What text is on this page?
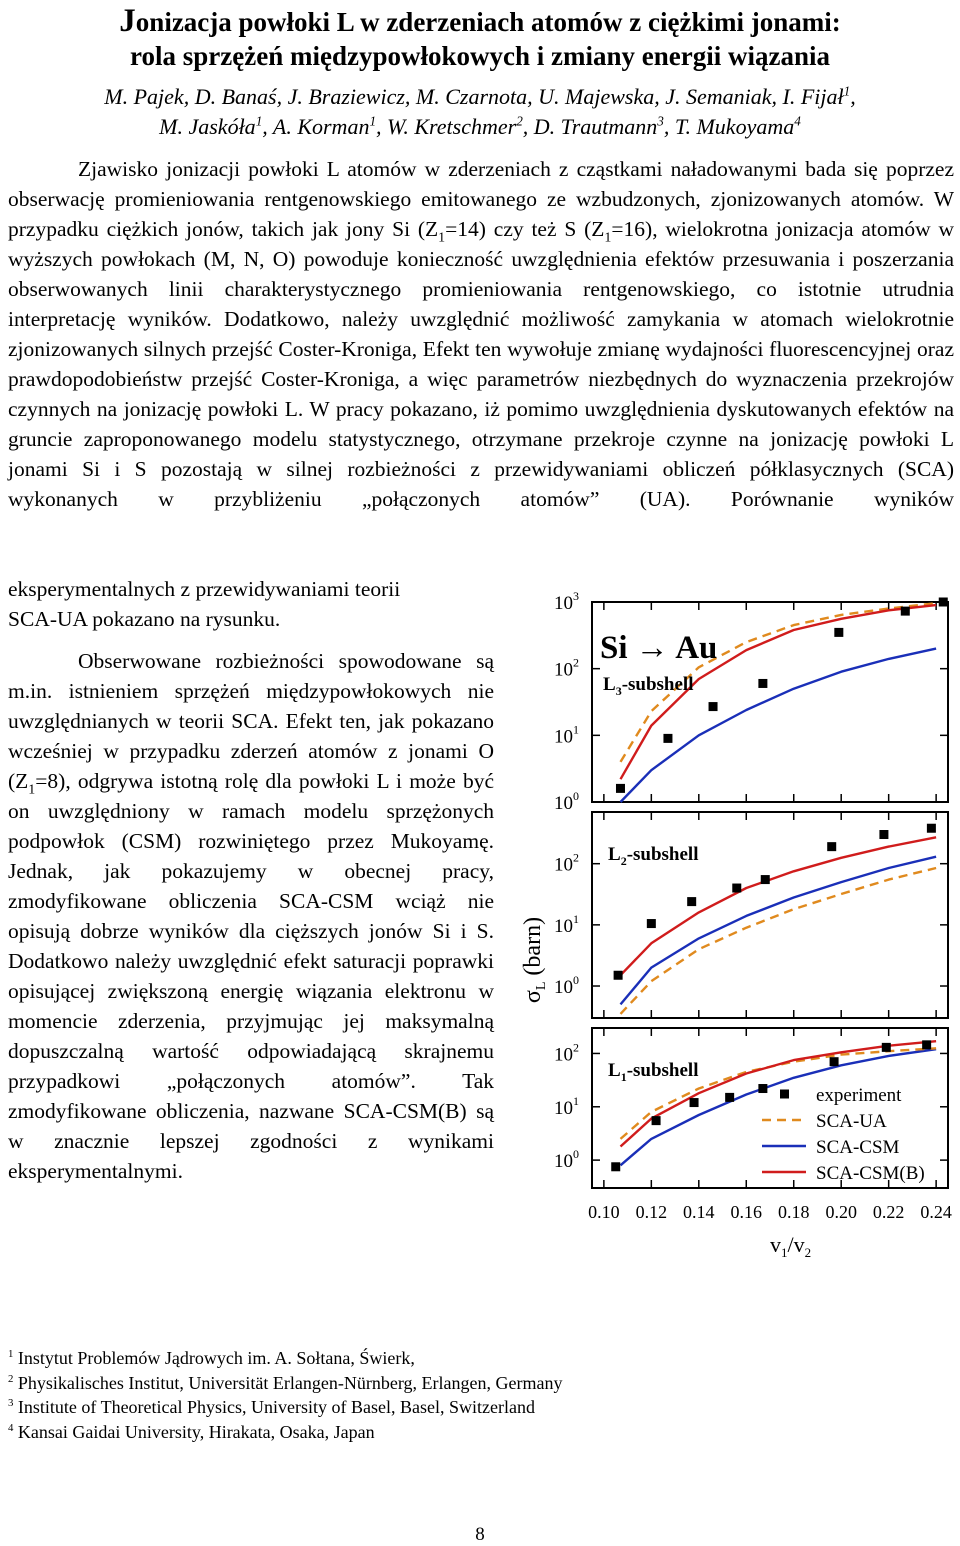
Jonizacja powłoki L w zderzeniach atomów z ciężkimi jonami:
rola sprzężeń międzypowłokowych i zmiany energii wiązania
M. Pajek, D. Banaś, J. Braziewicz, M. Czarnota, U. Majewska, J. Semaniak, I. Fijał$^1$,
M. Jaskóła$^1$, A. Korman$^1$, W. Kretschmer$^2$, D. Trautmann$^3$, T. Mukoyama$^4$

Zjawisko jonizacji powłoki L atomów w zderzeniach z cząstkami naładowanymi bada się poprzez obserwację promieniowania rentgenowskiego emitowanego ze wzbudzonych, zjonizowanych atomów. W przypadku ciężkich jonów, takich jak jony Si $(Z_1=14)$ czy też S $(Z_1=16)$, wielokrotna jonizacja atomów w wyższych powłokach (M, N, O) powoduje konieczność uwzględnienia efektów przesuwania i poszerzania obserwowanych linii charakterystycznego promieniowania rentgenowskiego, co istotnie utrudnia interpretację wyników. Dodatkowo, należy uwzględnić możliwość zamykania w atomach wielokrotnie zjonizowanych silnych przejść Coster-Kroniga, Efekt ten wywołuje zmianę wydajności fluorescencyjnej oraz prawdopodobieństw przejść Coster-Kroniga, a więc parametrów niezbędnych do wyznaczenia przekrojów czynnych na jonizację powłoki L. W pracy pokazano, iż pomimo uwzględnienia dyskutowanych efektów na gruncie zaproponowanego modelu statystycznego, otrzymane przekroje czynne na jonizację powłoki L jonami Si i S pozostają w silnej rozbieżności z przewidywaniami obliczeń półklasycznych (SCA) wykonanych w przybliżeniu „połączonych atomów” (UA). Porównanie wyników

eksperymentalnych z przewidywaniami teorii SCA-UA pokazano na rysunku.

Obserwowane rozbieżności spowodowane są m.in. istnieniem sprzężeń międzypowłokowych nie uwzględnianych w teorii SCA. Efekt ten, jak pokazano wcześniej w przypadku zderzeń atomów z jonami O $(Z_1=8)$, odgrywa istotną rolę dla powłoki L i może być on uwzględniony w ramach modelu sprzężonych podpowłok (CSM) rozwiniętego przez Mukoyamę. Jednak, jak pokazujemy w obecnej pracy, zmodyfikowane obliczenia SCA-CSM wciąż nie opisują dobrze wyników dla cięższych jonów Si i S. Dodatkowo należy uwzględnić efekt saturacji poprawki opisującej zwiększoną energię wiązania elektronu w momencie zderzenia, przyjmując jej maksymalną dopuszczalną wartość odpowiadającą skrajnemu przypadkowi „połączonych atomów”. Tak zmodyfikowane obliczenia, nazwane SCA-CSM(B) są w znacznie lepszej zgodności z wynikami eksperymentalnymi.

$10^0$
$10^1$
$10^2$
$10^3$
$L_3$-subshell
$10^0$
$10^1$
$10^2$ $L_2$-subshell
$10^0$
$10^1$
$10^2$
$L_1$-subshell
Si → Au
0.10 0.12 0.14 0.16 0.18 0.20 0.22 0.24
$v_1/v_2$
$\sigma_L$ (barn)
experiment
SCA-UA
SCA-CSM
SCA-CSM(B)
$^1$ Instytut Problemów Jądrowych im. A. Sołtana, Świerk,
$^2$ Physikalisches Institut, Universität Erlangen-Nürnberg, Erlangen, Germany
$^3$ Institute of Theoretical Physics, University of Basel, Basel, Switzerland
$^4$ Kansai Gaidai University, Hirakata, Osaka, Japan
8
